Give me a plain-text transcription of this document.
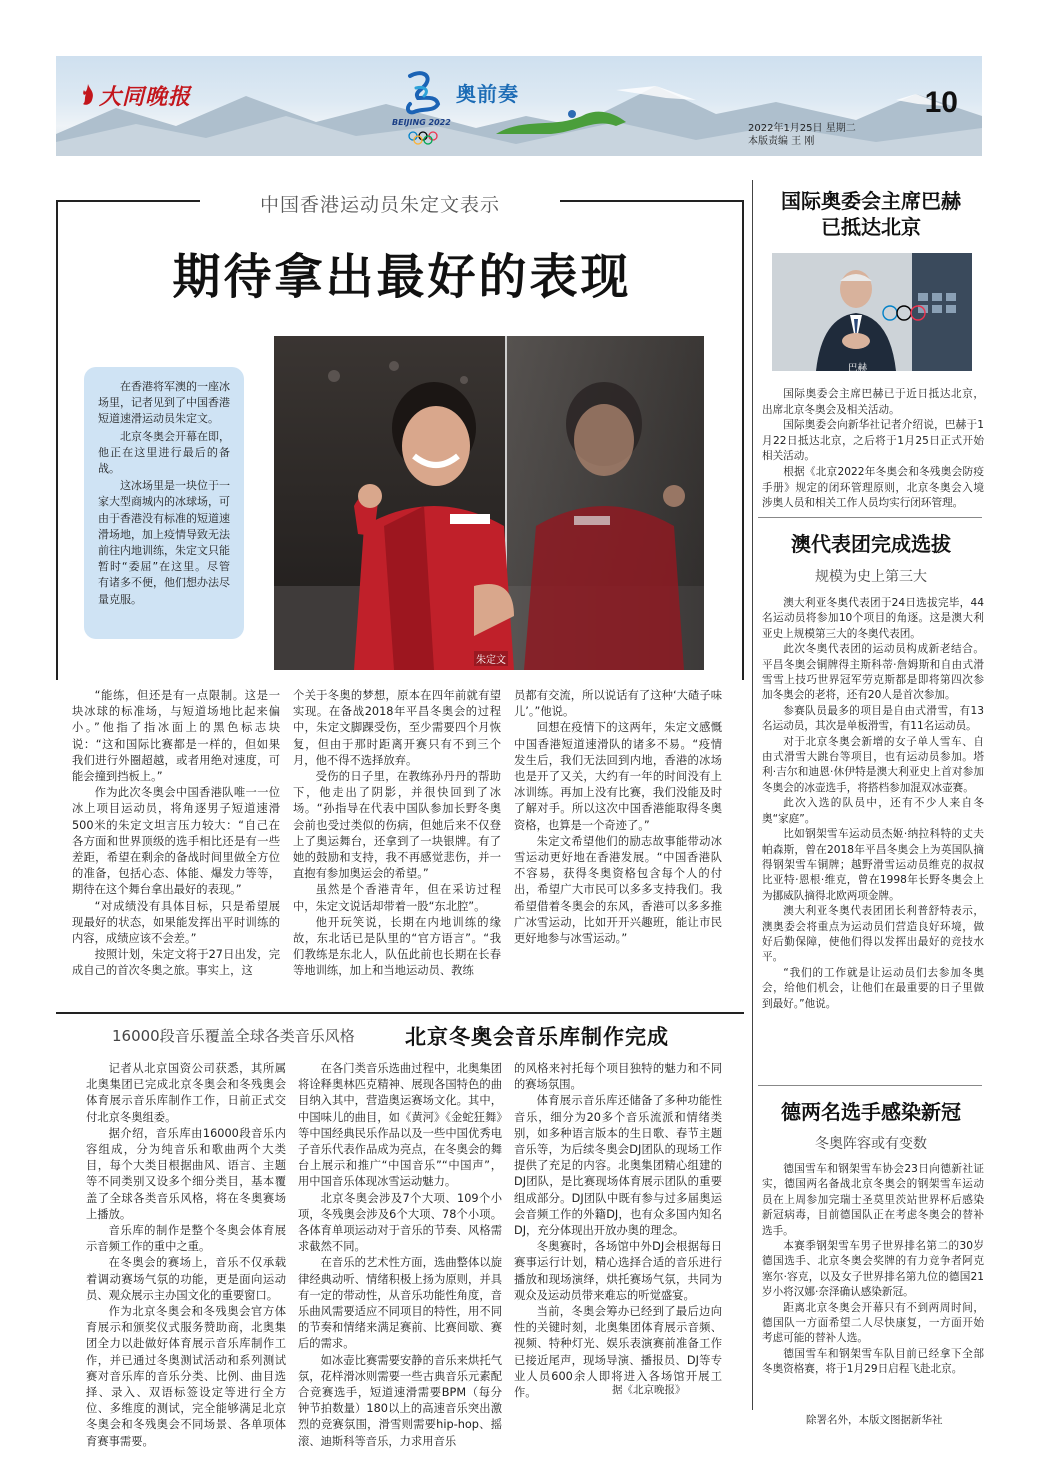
大同晚报
BEIJING 2022
奥前奏	10
2022年1月25日 星期二
本版责编 王 刚
中国香港运动员朱定文表示
期待拿出最好的表现

在香港将军澳的一座冰场里，记者见到了中国香港短道速滑运动员朱定文。

北京冬奥会开幕在即，他正在这里进行最后的备战。

这冰场里是一块位于一家大型商城内的冰球场，可由于香港没有标准的短道速滑场地，加上疫情导致无法前往内地训练，朱定文只能暂时“委屈”在这里。尽管有诸多不便，他们想办法尽量克服。

朱定文

“能练，但还是有一点限制。这是一块冰球的标准场，与短道场地比起来偏小。”他指了指冰面上的黑色标志块说：“这和国际比赛都是一样的，但如果我们进行外圈超越，或者用绝对速度，可能会撞到挡板上。”

作为此次冬奥会中国香港队唯一一位冰上项目运动员，将角逐男子短道速滑500米的朱定文坦言压力较大：“自己在各方面和世界顶级的选手相比还是有一些差距，希望在剩余的备战时间里做全方位的准备，包括心态、体能、爆发力等等，期待在这个舞台拿出最好的表现。”

“对成绩没有具体目标，只是希望展现最好的状态，如果能发挥出平时训练的内容，成绩应该不会差。”

按照计划，朱定文将于27日出发，完成自己的首次冬奥之旅。事实上，这

个关于冬奥的梦想，原本在四年前就有望实现。在备战2018年平昌冬奥会的过程中，朱定文脚踝受伤，至少需要四个月恢复，但由于那时距离开赛只有不到三个月，他不得不选择放弃。

受伤的日子里，在教练孙丹丹的帮助下，他走出了阴影，并很快回到了冰场。“孙指导在代表中国队参加长野冬奥会前也受过类似的伤病，但她后来不仅登上了奥运舞台，还拿到了一块银牌。有了她的鼓励和支持，我不再感觉悲伤，并一直抱有参加奥运会的希望。”

虽然是个香港青年，但在采访过程中，朱定文说话却带着一股“东北腔”。

他开玩笑说，长期在内地训练的缘故，东北话已是队里的“官方语言”。“我们教练是东北人，队伍此前也长期在长春等地训练，加上和当地运动员、教练

员都有交流，所以说话有了这种‘大碴子味儿’。”他说。

回想在疫情下的这两年，朱定文感慨中国香港短道速滑队的诸多不易。“疫情发生后，我们无法回到内地，香港的冰场也是开了又关，大约有一年的时间没有上冰训练。再加上没有比赛，我们没能及时了解对手。所以这次中国香港能取得冬奥资格，也算是一个奇迹了。”

朱定文希望他们的励志故事能带动冰雪运动更好地在香港发展。“中国香港队不容易，获得冬奥资格包含每个人的付出，希望广大市民可以多多支持我们。我希望借着冬奥会的东风，香港可以多多推广冰雪运动，比如开开兴趣班，能让市民更好地参与冰雪运动。”

16000段音乐覆盖全球各类音乐风格 北京冬奥会音乐库制作完成

记者从北京国资公司获悉，其所属北奥集团已完成北京冬奥会和冬残奥会体育展示音乐库制作工作，日前正式交付北京冬奥组委。

据介绍，音乐库由16000段音乐内容组成，分为纯音乐和歌曲两个大类目，每个大类目根据曲风、语言、主题等不同类别又设多个细分类目，基本覆盖了全球各类音乐风格，将在冬奥赛场上播放。

音乐库的制作是整个冬奥会体育展示音频工作的重中之重。

在冬奥会的赛场上，音乐不仅承载着调动赛场气氛的功能，更是面向运动员、观众展示主办国文化的重要窗口。

作为北京冬奥会和冬残奥会官方体育展示和颁奖仪式服务赞助商，北奥集团全力以赴做好体育展示音乐库制作工作，并已通过冬奥测试活动和系列测试赛对音乐库的音乐分类、比例、曲目选择、录入、双语标签设定等进行全方位、多维度的测试，完全能够满足北京冬奥会和冬残奥会不同场景、各单项体育赛事需要。

在各门类音乐选曲过程中，北奥集团将诠释奥林匹克精神、展现各国特色的曲目纳入其中，营造奥运赛场文化。其中，中国味儿的曲目，如《黄河》《金蛇狂舞》等中国经典民乐作品以及一些中国优秀电子音乐代表作品成为亮点，在冬奥会的舞台上展示和推广“中国音乐”“中国声”，用中国音乐体现冰雪运动魅力。

北京冬奥会涉及7个大项、109个小项，冬残奥会涉及6个大项、78个小项。各体育单项运动对于音乐的节奏、风格需求截然不同。

在音乐的艺术性方面，选曲整体以旋律经典动听、情绪积极上扬为原则，并具有一定的带动性，从音乐功能性角度，音乐曲风需要适应不同项目的特性，用不同的节奏和情绪来满足赛前、比赛间歇、赛后的需求。

如冰壶比赛需要安静的音乐来烘托气氛，花样滑冰则需要一些古典音乐元素配合竞赛选手，短道速滑需要BPM（每分钟节拍数量）180以上的高速音乐突出激烈的竞赛氛围，滑雪则需要hip-hop、摇滚、迪斯科等音乐，力求用音乐

的风格来衬托每个项目独特的魅力和不同的赛场氛围。

体育展示音乐库还储备了多种功能性音乐，细分为20多个音乐流派和情绪类别，如多种语言版本的生日歌、春节主题音乐等，为后续冬奥会DJ团队的现场工作提供了充足的内容。北奥集团精心组建的DJ团队，是比赛现场体育展示团队的重要组成部分。DJ团队中既有参与过多届奥运会音频工作的外籍DJ，也有众多国内知名DJ，充分体现出开放办奥的理念。

冬奥赛时，各场馆中外DJ会根据每日赛事运行计划，精心选择合适的音乐进行播放和现场演绎，烘托赛场气氛，共同为观众及运动员带来难忘的听觉盛宴。

当前，冬奥会筹办已经到了最后边向性的关键时刻，北奥集团体育展示音频、视频、特种灯光、娱乐表演赛前准备工作已接近尾声，现场导演、播报员、DJ等专业人员600余人即将进入各场馆开展工作。	据《北京晚报》
国际奥委会主席巴赫
已抵达北京
巴赫

国际奥委会主席巴赫已于近日抵达北京，出席北京冬奥会及相关活动。

国际奥委会向新华社记者介绍说，巴赫于1月22日抵达北京，之后将于1月25日正式开始相关活动。

根据《北京2022年冬奥会和冬残奥会防疫手册》规定的闭环管理原则，北京冬奥会入境涉奥人员和相关工作人员均实行闭环管理。

澳代表团完成选拔
规模为史上第三大

澳大利亚冬奥代表团于24日选拔完毕，44名运动员将参加10个项目的角逐。这是澳大利亚史上规模第三大的冬奥代表团。

此次冬奥代表团的运动员构成新老结合。平昌冬奥会铜牌得主斯科蒂·詹姆斯和自由式滑雪雪上技巧世界冠军劳克斯都是即将第四次参加冬奥会的老将，还有20人是首次参加。

参赛队员最多的项目是自由式滑雪，有13名运动员，其次是单板滑雪，有11名运动员。

对于北京冬奥会新增的女子单人雪车、自由式滑雪大跳台等项目，也有运动员参加。塔利·吉尔和迪恩·休伊特是澳大利亚史上首对参加冬奥会的冰壶选手，将搭档参加混双冰壶赛。

此次入选的队员中，还有不少人来自冬奥“家庭”。

比如钢架雪车运动员杰姬·纳拉科特的丈夫帕森斯，曾在2018年平昌冬奥会上为英国队摘得钢架雪车铜牌；越野滑雪运动员维克的叔叔比亚特·恩根·维克，曾在1998年长野冬奥会上为挪威队摘得北欧两项金牌。

澳大利亚冬奥代表团团长利普舒特表示，澳奥委会将重点为运动员们营造良好环境，做好后勤保障，使他们得以发挥出最好的竞技水平。

“我们的工作就是让运动员们去参加冬奥会，给他们机会，让他们在最重要的日子里做到最好。”他说。

德两名选手感染新冠
冬奥阵容或有变数

德国雪车和钢架雪车协会23日向德新社证实，德国两名备战北京冬奥会的钢架雪车运动员在上周参加完瑞士圣莫里茨站世界杯后感染新冠病毒，目前德国队正在考虑冬奥会的替补选手。

本赛季钢架雪车男子世界排名第二的30岁德国选手、北京冬奥会奖牌的有力竞争者阿克塞尔·容克，以及女子世界排名第九位的德国21岁小将汉娜·奈泽确认感染新冠。

距离北京冬奥会开幕只有不到两周时间，德国队一方面希望二人尽快康复，一方面开始考虑可能的替补人选。

德国雪车和钢架雪车队目前已经拿下全部冬奥资格赛，将于1月29日启程飞赴北京。

除署名外，本版文图据新华社
